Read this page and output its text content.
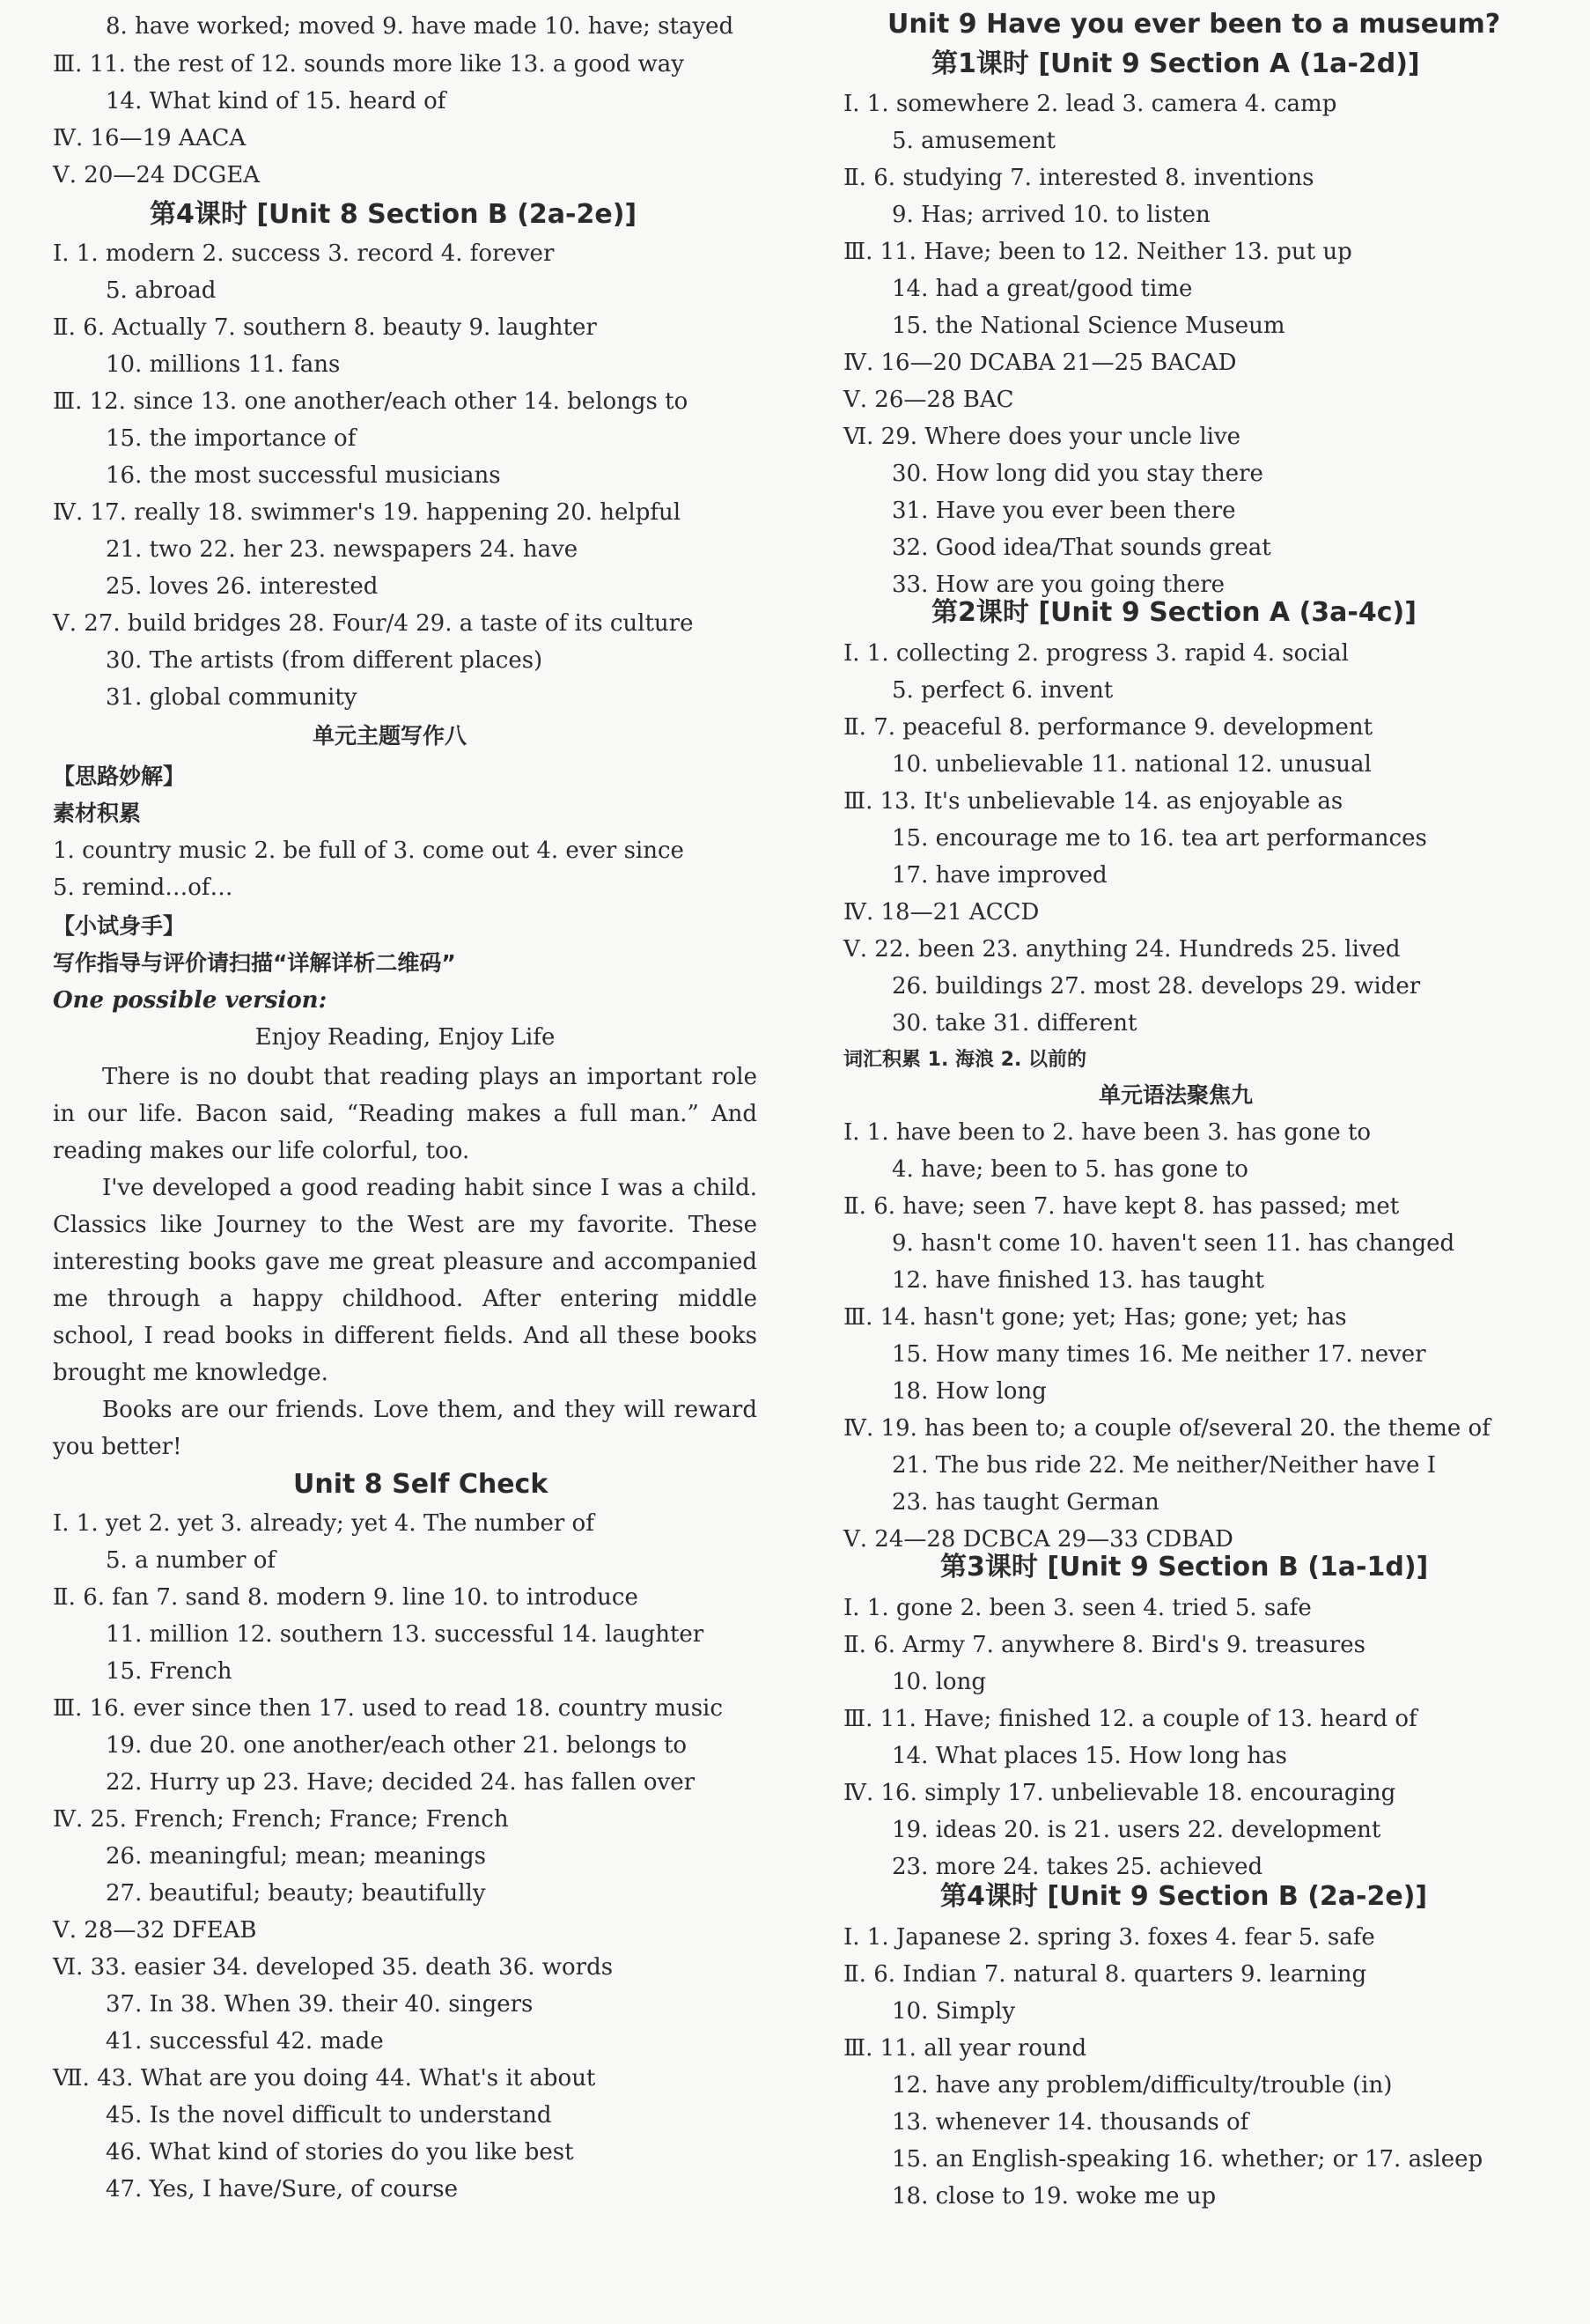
8. have worked; moved 9. have made 10. have; stayed
Ⅲ. 11. the rest of 12. sounds more like 13. a good way
14. What kind of 15. heard of
Ⅳ. 16—19 AACA
Ⅴ. 20—24 DCGEA
第4课时 [Unit 8 Section B (2a-2e)]
Ⅰ. 1. modern 2. success 3. record 4. forever
5. abroad
Ⅱ. 6. Actually 7. southern 8. beauty 9. laughter
10. millions 11. fans
Ⅲ. 12. since 13. one another/each other 14. belongs to
15. the importance of
16. the most successful musicians
Ⅳ. 17. really 18. swimmer's 19. happening 20. helpful
21. two 22. her 23. newspapers 24. have
25. loves 26. interested
Ⅴ. 27. build bridges 28. Four/4 29. a taste of its culture
30. The artists (from different places)
31. global community
单元主题写作八
【思路妙解】
素材积累
1. country music 2. be full of 3. come out 4. ever since
5. remind…of…
【小试身手】
写作指导与评价请扫描“详解详析二维码”
One possible version:
Enjoy Reading, Enjoy Life
There is no doubt that reading plays an important role in our life. Bacon said, “Reading makes a full man.” And reading makes our life colorful, too.
I've developed a good reading habit since I was a child. Classics like Journey to the West are my favorite. These interesting books gave me great pleasure and accompanied me through a happy childhood. After entering middle school, I read books in different fields. And all these books brought me knowledge.
Books are our friends. Love them, and they will reward you better!
Unit 8 Self Check
Ⅰ. 1. yet 2. yet 3. already; yet 4. The number of
5. a number of
Ⅱ. 6. fan 7. sand 8. modern 9. line 10. to introduce
11. million 12. southern 13. successful 14. laughter
15. French
Ⅲ. 16. ever since then 17. used to read 18. country music
19. due 20. one another/each other 21. belongs to
22. Hurry up 23. Have; decided 24. has fallen over
Ⅳ. 25. French; French; France; French
26. meaningful; mean; meanings
27. beautiful; beauty; beautifully
Ⅴ. 28—32 DFEAB
Ⅵ. 33. easier 34. developed 35. death 36. words
37. In 38. When 39. their 40. singers
41. successful 42. made
Ⅶ. 43. What are you doing 44. What's it about
45. Is the novel difficult to understand
46. What kind of stories do you like best
47. Yes, I have/Sure, of course
Unit 9 Have you ever been to a museum?
第1课时 [Unit 9 Section A (1a-2d)]
Ⅰ. 1. somewhere 2. lead 3. camera 4. camp
5. amusement
Ⅱ. 6. studying 7. interested 8. inventions
9. Has; arrived 10. to listen
Ⅲ. 11. Have; been to 12. Neither 13. put up
14. had a great/good time
15. the National Science Museum
Ⅳ. 16—20 DCABA 21—25 BACAD
Ⅴ. 26—28 BAC
Ⅵ. 29. Where does your uncle live
30. How long did you stay there
31. Have you ever been there
32. Good idea/That sounds great
33. How are you going there
第2课时 [Unit 9 Section A (3a-4c)]
Ⅰ. 1. collecting 2. progress 3. rapid 4. social
5. perfect 6. invent
Ⅱ. 7. peaceful 8. performance 9. development
10. unbelievable 11. national 12. unusual
Ⅲ. 13. It's unbelievable 14. as enjoyable as
15. encourage me to 16. tea art performances
17. have improved
Ⅳ. 18—21 ACCD
Ⅴ. 22. been 23. anything 24. Hundreds 25. lived
26. buildings 27. most 28. develops 29. wider
30. take 31. different
词汇积累 1. 海浪 2. 以前的
单元语法聚焦九
Ⅰ. 1. have been to 2. have been 3. has gone to
4. have; been to 5. has gone to
Ⅱ. 6. have; seen 7. have kept 8. has passed; met
9. hasn't come 10. haven't seen 11. has changed
12. have finished 13. has taught
Ⅲ. 14. hasn't gone; yet; Has; gone; yet; has
15. How many times 16. Me neither 17. never
18. How long
Ⅳ. 19. has been to; a couple of/several 20. the theme of
21. The bus ride 22. Me neither/Neither have I
23. has taught German
Ⅴ. 24—28 DCBCA 29—33 CDBAD
第3课时 [Unit 9 Section B (1a-1d)]
Ⅰ. 1. gone 2. been 3. seen 4. tried 5. safe
Ⅱ. 6. Army 7. anywhere 8. Bird's 9. treasures
10. long
Ⅲ. 11. Have; finished 12. a couple of 13. heard of
14. What places 15. How long has
Ⅳ. 16. simply 17. unbelievable 18. encouraging
19. ideas 20. is 21. users 22. development
23. more 24. takes 25. achieved
第4课时 [Unit 9 Section B (2a-2e)]
Ⅰ. 1. Japanese 2. spring 3. foxes 4. fear 5. safe
Ⅱ. 6. Indian 7. natural 8. quarters 9. learning
10. Simply
Ⅲ. 11. all year round
12. have any problem/difficulty/trouble (in)
13. whenever 14. thousands of
15. an English-speaking 16. whether; or 17. asleep
18. close to 19. woke me up
